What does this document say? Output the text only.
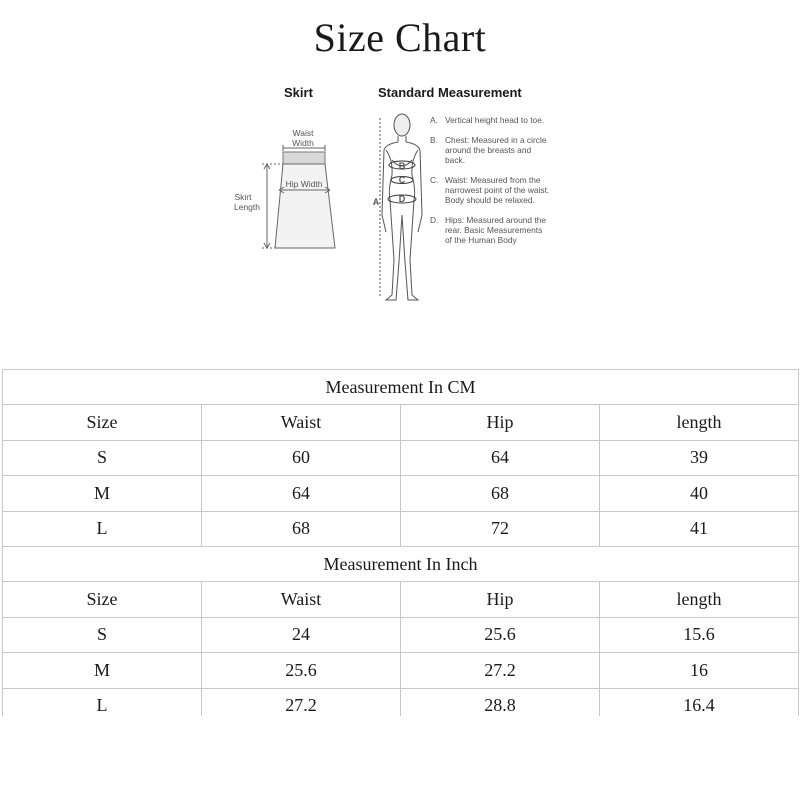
Size Chart
Skirt	Standard Measurement
Waist
Width
Hip Width
Skirt
Length
B
C
D
A
A. Vertical height head to toe.
B. Chest: Measured in a circle around the breasts and back.
C. Waist: Measured from the narrowest point of the waist. Body should be relaxed.
D. Hips: Measured around the rear. Basic Measurements of the Human Body
Measurement In CM			
Size	Waist	Hip	length
S	60	64	39
M	64	68	40
L	68	72	41
Measurement In Inch			
Size	Waist	Hip	length
S	24	25.6	15.6
M	25.6	27.2	16
L	27.2	28.8	16.4
